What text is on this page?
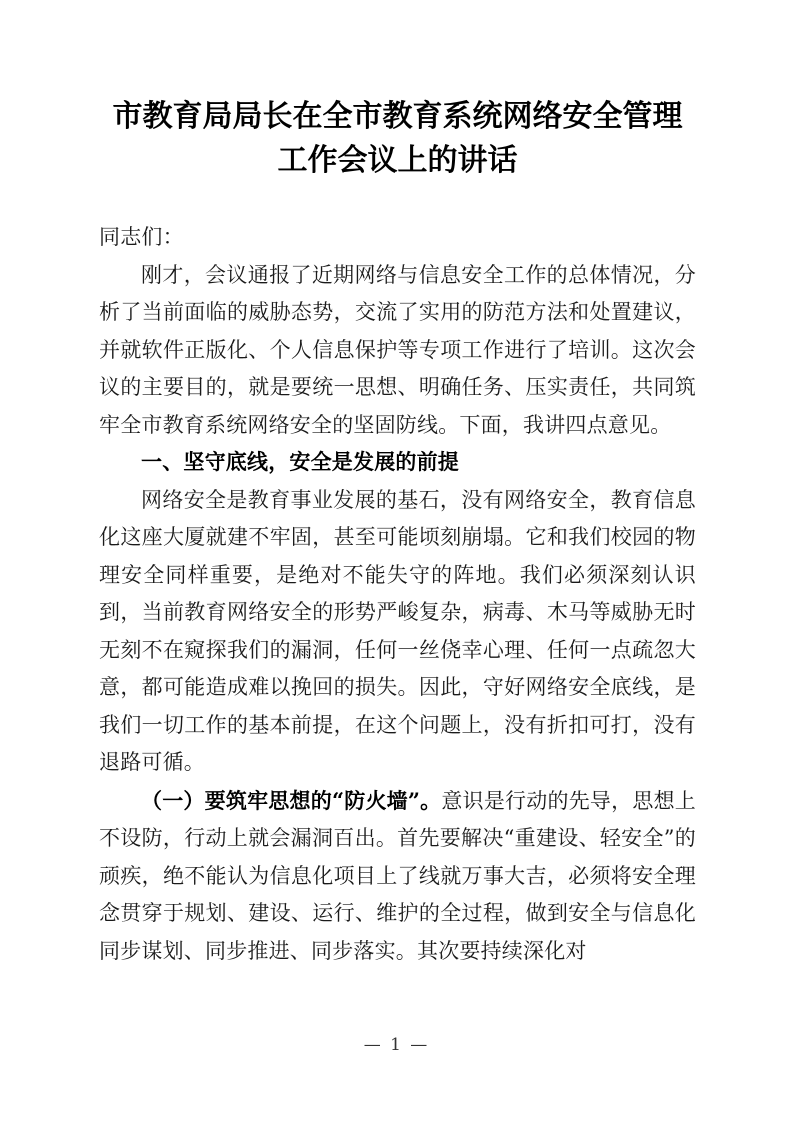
市教育局局长在全市教育系统网络安全管理工作会议上的讲话

同志们：

刚才，会议通报了近期网络与信息安全工作的总体情况，分析了当前面临的威胁态势，交流了实用的防范方法和处置建议，并就软件正版化、个人信息保护等专项工作进行了培训。这次会议的主要目的，就是要统一思想、明确任务、压实责任，共同筑牢全市教育系统网络安全的坚固防线。下面，我讲四点意见。

一、坚守底线，安全是发展的前提

网络安全是教育事业发展的基石，没有网络安全，教育信息化这座大厦就建不牢固，甚至可能顷刻崩塌。它和我们校园的物理安全同样重要，是绝对不能失守的阵地。我们必须深刻认识到，当前教育网络安全的形势严峻复杂，病毒、木马等威胁无时无刻不在窥探我们的漏洞，任何一丝侥幸心理、任何一点疏忽大意，都可能造成难以挽回的损失。因此，守好网络安全底线，是我们一切工作的基本前提，在这个问题上，没有折扣可打，没有退路可循。

（一）要筑牢思想的“防火墙”。意识是行动的先导，思想上不设防，行动上就会漏洞百出。首先要解决“重建设、轻安全”的顽疾，绝不能认为信息化项目上了线就万事大吉，必须将安全理念贯穿于规划、建设、运行、维护的全过程，做到安全与信息化同步谋划、同步推进、同步落实。其次要持续深化对

— 1 —
